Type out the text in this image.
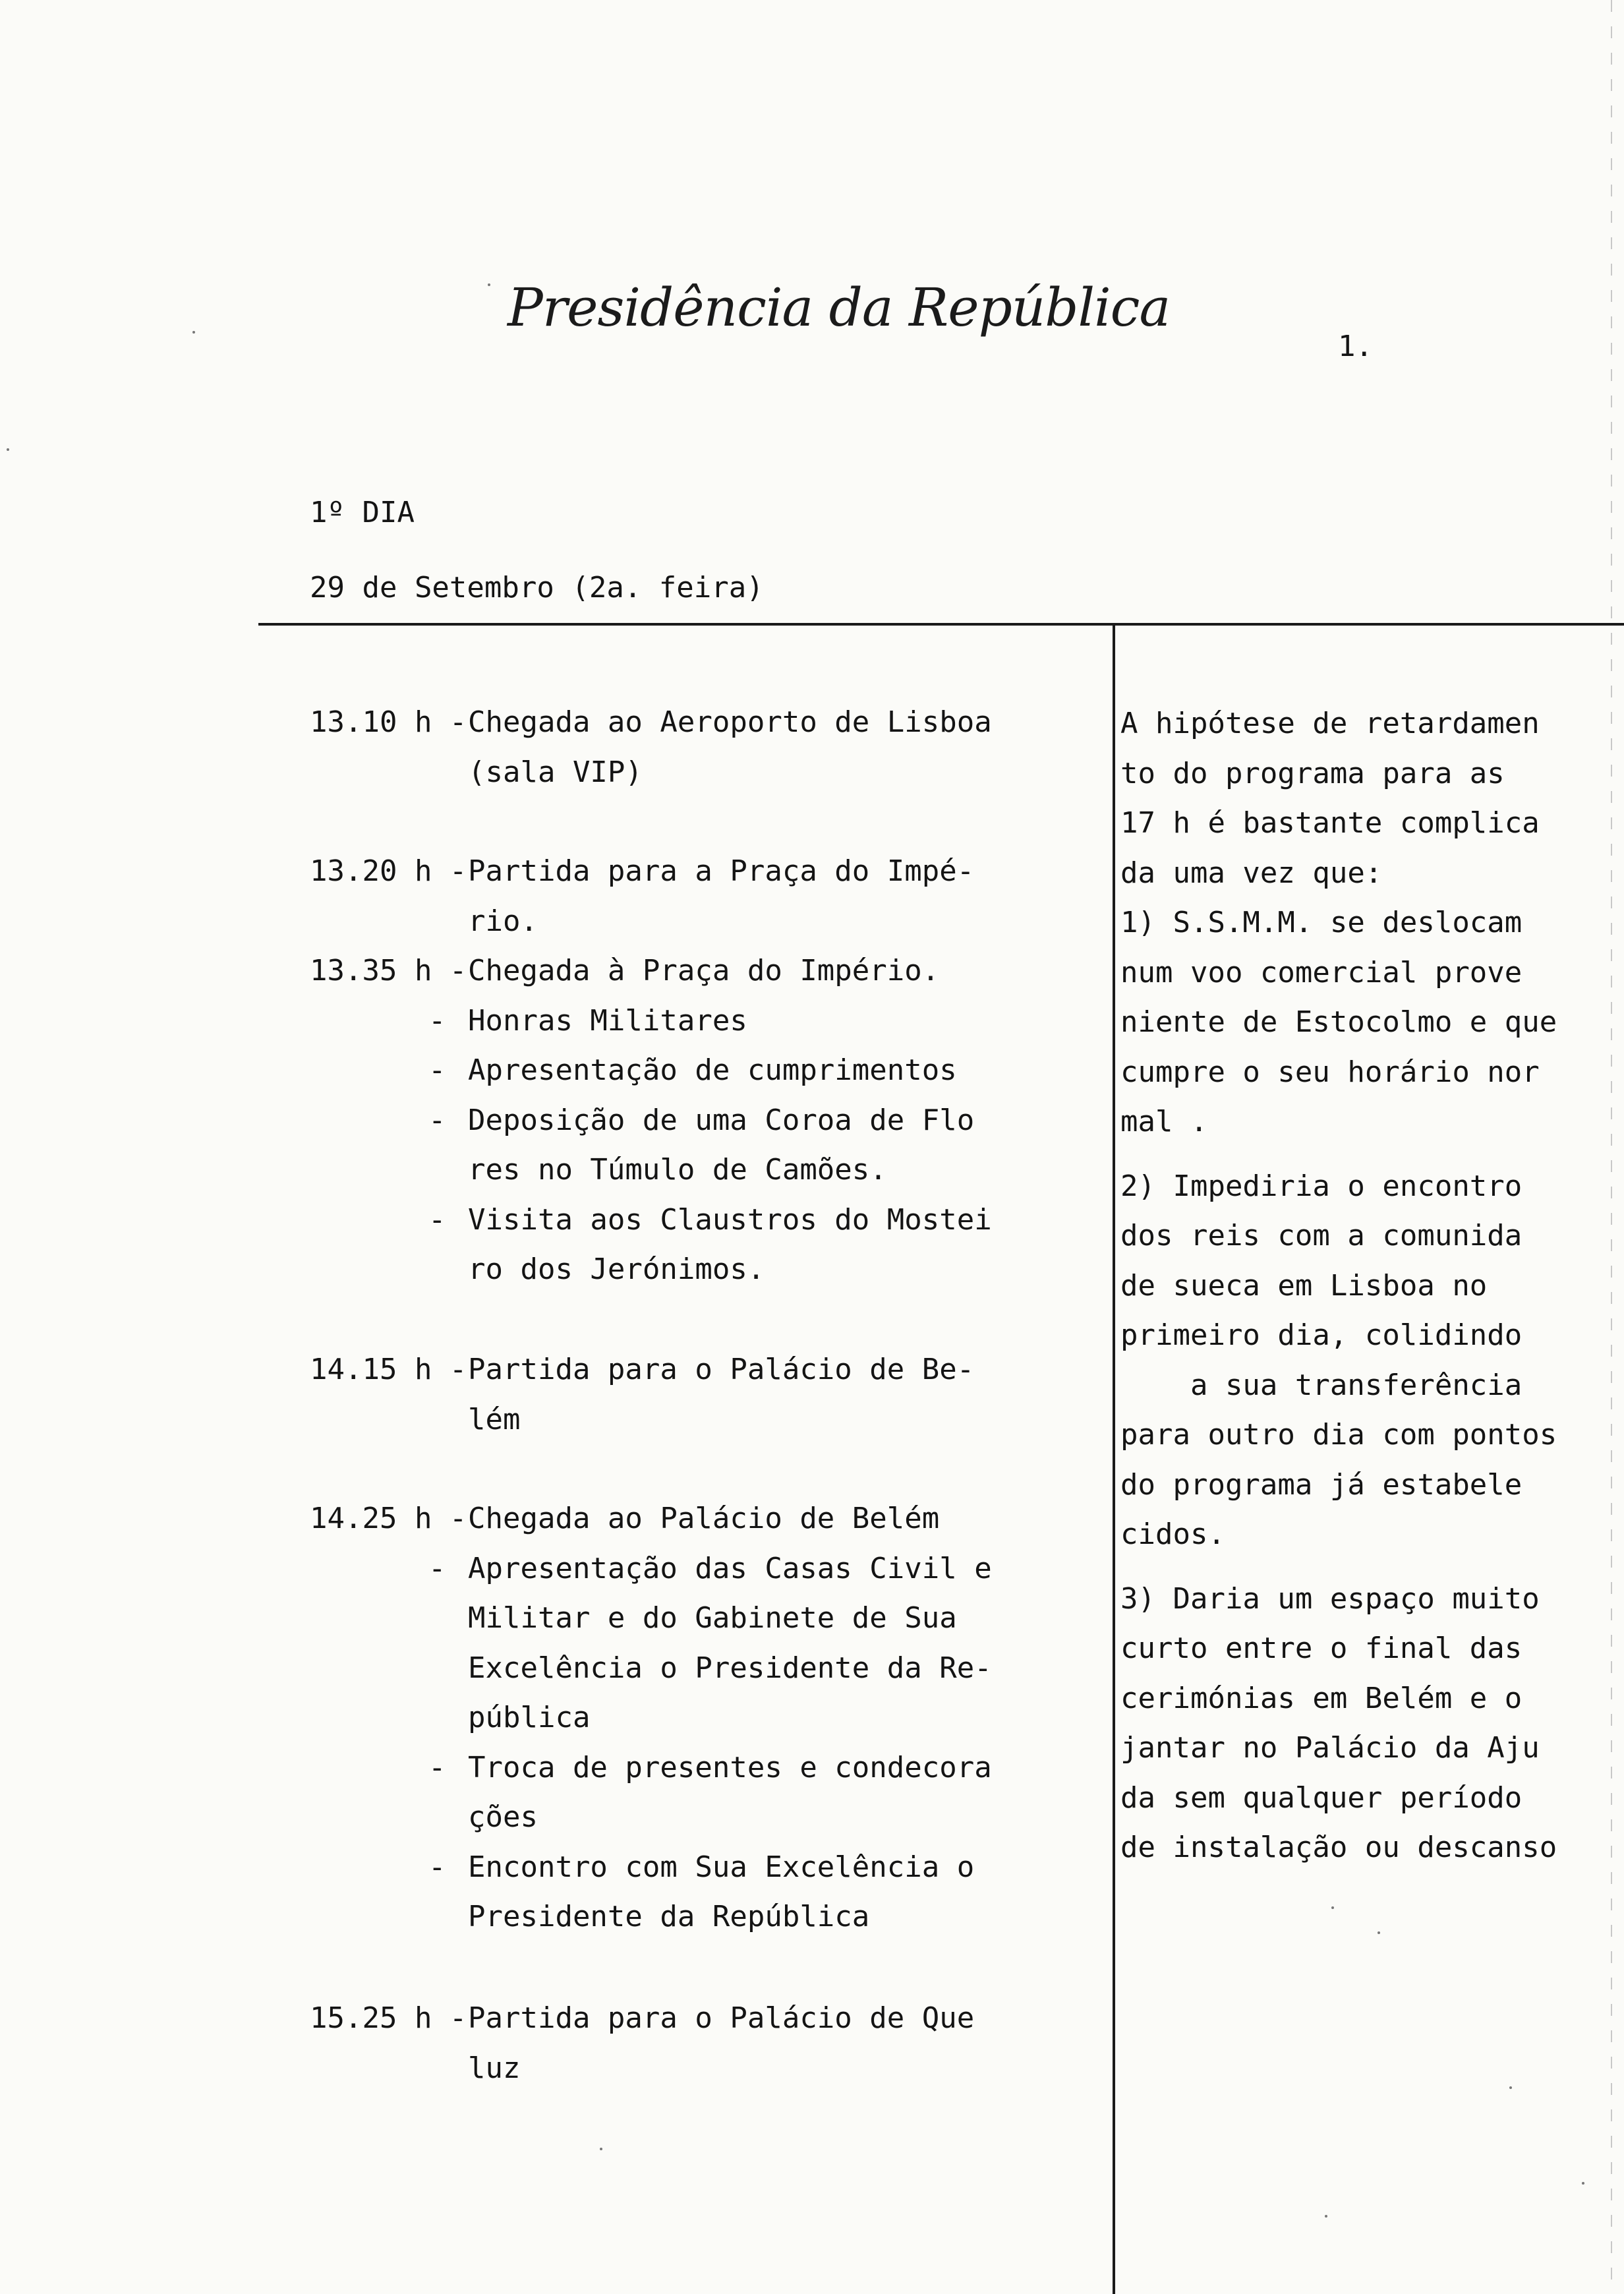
Presidência da República
1.
1º DIA
29 de Setembro (2a. feira)

13.10 h -

Chegada ao Aeroporto de Lisboa

(sala VIP)

13.20 h -

Partida para a Praça do Impé-

rio.

13.35 h -

Chegada à Praça do Império.

-

Honras Militares

-

Apresentação de cumprimentos

-

Deposição de uma Coroa de Flo

res no Túmulo de Camões.

-

Visita aos Claustros do Mostei

ro dos Jerónimos.

14.15 h -

Partida para o Palácio de Be-

lém

14.25 h -

Chegada ao Palácio de Belém

-

Apresentação das Casas Civil e

Militar e do Gabinete de Sua

Excelência o Presidente da Re-

pública

-

Troca de presentes e condecora

ções

-

Encontro com Sua Excelência o

Presidente da República

15.25 h -

Partida para o Palácio de Que

luz

A hipótese de retardamen
to do programa para as
17 h é bastante complica
da uma vez que:
1) S.S.M.M. se deslocam
num voo comercial prove
niente de Estocolmo e que
cumpre o seu horário nor
mal .
2) Impediria o encontro
dos reis com a comunida
de sueca em Lisboa no
primeiro dia, colidindo
a sua transferência
para outro dia com pontos
do programa já estabele
cidos.
3) Daria um espaço muito
curto entre o final das
cerimónias em Belém e o
jantar no Palácio da Aju
da sem qualquer período
de instalação ou descanso
